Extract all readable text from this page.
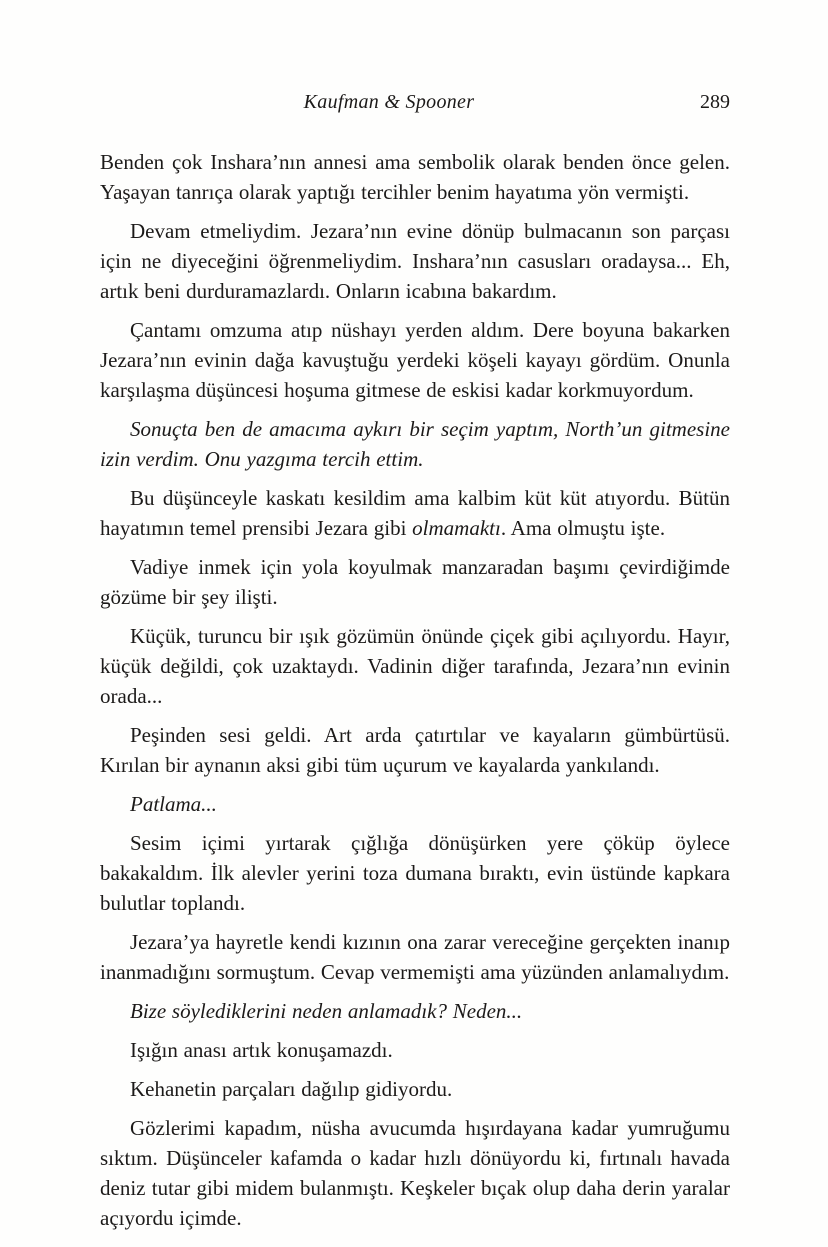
Kaufman & Spooner	289

Benden çok Inshara’nın annesi ama sembolik olarak benden önce gelen. Yaşayan tanrıça olarak yaptığı tercihler benim hayatıma yön vermişti.

Devam etmeliydim. Jezara’nın evine dönüp bulmacanın son parçası için ne diyeceğini öğrenmeliydim. Inshara’nın casusları oradaysa... Eh, artık beni durduramazlardı. Onların icabına bakardım.

Çantamı omzuma atıp nüshayı yerden aldım. Dere boyuna bakarken Jezara’nın evinin dağa kavuştuğu yerdeki köşeli kayayı gördüm. Onunla karşılaşma düşüncesi hoşuma gitmese de eskisi kadar korkmuyordum.

Sonuçta ben de amacıma aykırı bir seçim yaptım, North’un gitmesine izin verdim. Onu yazgıma tercih ettim.

Bu düşünceyle kaskatı kesildim ama kalbim küt küt atıyordu. Bütün hayatımın temel prensibi Jezara gibi olmamaktı. Ama olmuştu işte.

Vadiye inmek için yola koyulmak manzaradan başımı çevirdiğimde gözüme bir şey ilişti.

Küçük, turuncu bir ışık gözümün önünde çiçek gibi açılıyordu. Hayır, küçük değildi, çok uzaktaydı. Vadinin diğer tarafında, Jezara’nın evinin orada...

Peşinden sesi geldi. Art arda çatırtılar ve kayaların gümbürtüsü. Kırılan bir aynanın aksi gibi tüm uçurum ve kayalarda yankılandı.

Patlama...

Sesim içimi yırtarak çığlığa dönüşürken yere çöküp öylece bakakaldım. İlk alevler yerini toza dumana bıraktı, evin üstünde kapkara bulutlar toplandı.

Jezara’ya hayretle kendi kızının ona zarar vereceğine gerçekten inanıp inanmadığını sormuştum. Cevap vermemişti ama yüzünden anlamalıydım.

Bize söylediklerini neden anlamadık? Neden...

Işığın anası artık konuşamazdı.

Kehanetin parçaları dağılıp gidiyordu.

Gözlerimi kapadım, nüsha avucumda hışırdayana kadar yumruğumu sıktım. Düşünceler kafamda o kadar hızlı dönüyordu ki, fırtınalı havada deniz tutar gibi midem bulanmıştı. Keşkeler bıçak olup daha derin yaralar açıyordu içimde.
